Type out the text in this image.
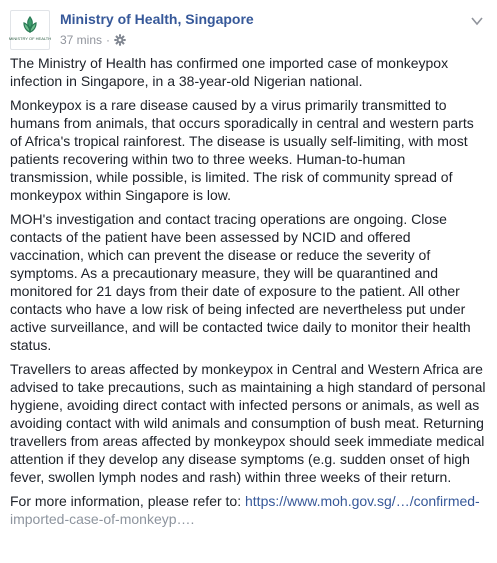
MINISTRY OF HEALTH
Ministry of Health, Singapore
37 mins ·

The Ministry of Health has confirmed one imported case of monkeypox infection in Singapore, in a 38-year-old Nigerian national.

Monkeypox is a rare disease caused by a virus primarily transmitted to humans from animals, that occurs sporadically in central and western parts of Africa's tropical rainforest. The disease is usually self-limiting, with most patients recovering within two to three weeks. Human-to-human transmission, while possible, is limited. The risk of community spread of monkeypox within Singapore is low.

MOH's investigation and contact tracing operations are ongoing. Close contacts of the patient have been assessed by NCID and offered vaccination, which can prevent the disease or reduce the severity of symptoms. As a precautionary measure, they will be quarantined and monitored for 21 days from their date of exposure to the patient. All other contacts who have a low risk of being infected are nevertheless put under active surveillance, and will be contacted twice daily to monitor their health status.

Travellers to areas affected by monkeypox in Central and Western Africa are advised to take precautions, such as maintaining a high standard of personal hygiene, avoiding direct contact with infected persons or animals, as well as avoiding contact with wild animals and consumption of bush meat. Returning travellers from areas affected by monkeypox should seek immediate medical attention if they develop any disease symptoms (e.g. sudden onset of high fever, swollen lymph nodes and rash) within three weeks of their return.

For more information, please refer to: https://www.moh.gov.sg/…/confirmed-
imported-case-of-monkeyp….
